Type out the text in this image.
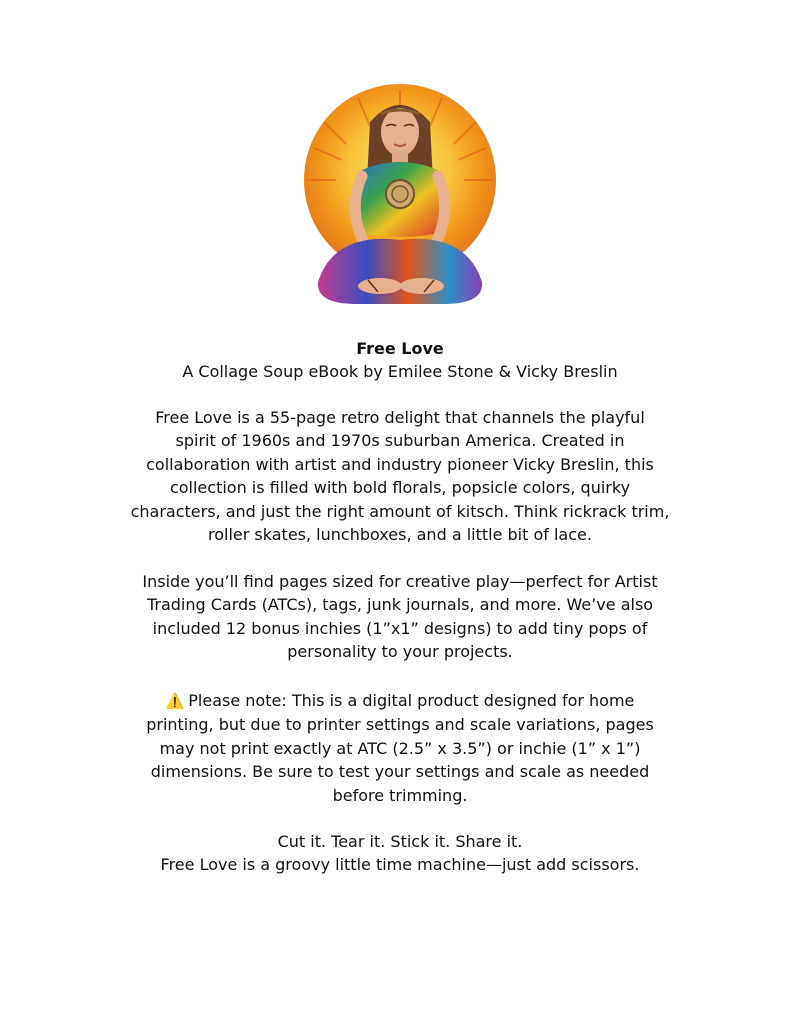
Free Love
A Collage Soup eBook by Emilee Stone & Vicky Breslin

Free Love is a 55-page retro delight that channels the playful
spirit of 1960s and 1970s suburban America. Created in
collaboration with artist and industry pioneer Vicky Breslin, this
collection is filled with bold florals, popsicle colors, quirky
characters, and just the right amount of kitsch. Think rickrack trim,
roller skates, lunchboxes, and a little bit of lace.

Inside you’ll find pages sized for creative play—perfect for Artist
Trading Cards (ATCs), tags, junk journals, and more. We’ve also
included 12 bonus inchies (1”x1” designs) to add tiny pops of
personality to your projects.

⚠️ Please note: This is a digital product designed for home
printing, but due to printer settings and scale variations, pages
may not print exactly at ATC (2.5” x 3.5”) or inchie (1” x 1”)
dimensions. Be sure to test your settings and scale as needed
before trimming.

Cut it. Tear it. Stick it. Share it.
Free Love is a groovy little time machine—just add scissors.
